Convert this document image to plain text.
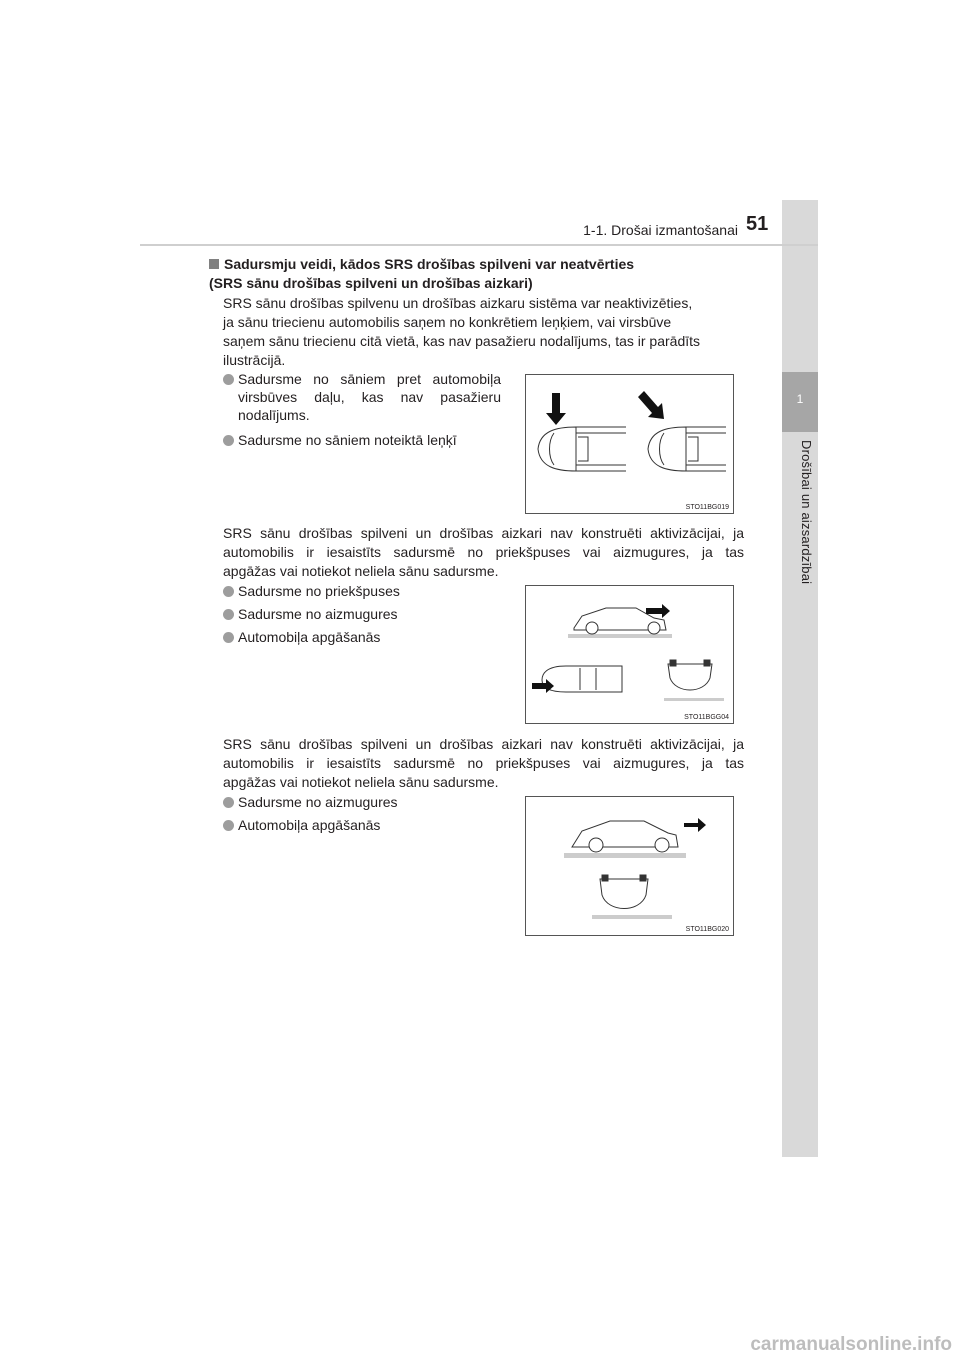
1
Drošībai un aizsardzībai
1-1. Drošai izmantošanai 51
Sadursmju veidi, kādos SRS drošības spilveni var neatvērties
(SRS sānu drošības spilveni un drošības aizkari)
SRS sānu drošības spilvenu un drošības aizkaru sistēma var neaktivizēties,
ja sānu triecienu automobilis saņem no konkrētiem leņķiem, vai virsbūve
saņem sānu triecienu citā vietā, kas nav pasažieru nodalījums, tas ir parādīts
ilustrācijā.
Sadursme no sāniem pret automobiļa
virsbūves daļu, kas nav pasažieru
nodalījums.
Sadursme no sāniem noteiktā leņķī
STO11BG019
SRS sānu drošības spilveni un drošības aizkari nav konstruēti aktivizācijai, ja
automobilis ir iesaistīts sadursmē no priekšpuses vai aizmugures, ja tas
apgāžas vai notiekot neliela sānu sadursme.
Sadursme no priekšpuses
Sadursme no aizmugures
Automobiļa apgāšanās
STO11BGG04
SRS sānu drošības spilveni un drošības aizkari nav konstruēti aktivizācijai, ja
automobilis ir iesaistīts sadursmē no priekšpuses vai aizmugures, ja tas
apgāžas vai notiekot neliela sānu sadursme.
Sadursme no aizmugures
Automobiļa apgāšanās
STO11BG020
carmanualsonline.info
